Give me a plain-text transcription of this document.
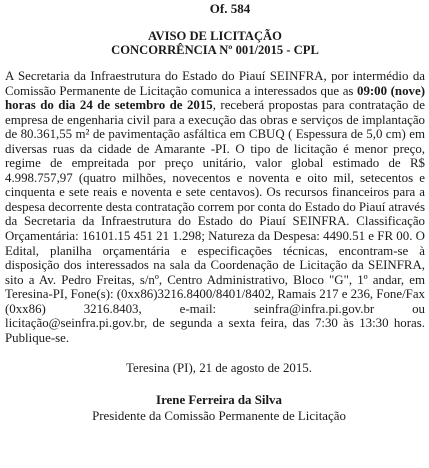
Of. 584

AVISO DE LICITAÇÃO

CONCORRÊNCIA Nº 001/2015 - CPL

A Secretaria da Infraestrutura do Estado do Piauí SEINFRA, por intermédio da Comissão Permanente de Licitação comunica a interessados que as 09:00 (nove) horas do dia 24 de setembro de 2015, receberá propostas para contratação de empresa de engenharia civil para a execução das obras e serviços de implantação de 80.361,55 m² de pavimentação asfáltica em CBUQ ( Espessura de 5,0 cm) em diversas ruas da cidade de Amarante -PI. O tipo de licitação é menor preço, regime de empreitada por preço unitário, valor global estimado de R$ 4.998.757,97 (quatro milhões, novecentos e noventa e oito mil, setecentos e cinquenta e sete reais e noventa e sete centavos). Os recursos financeiros para a despesa decorrente desta contratação correm por conta do Estado do Piauí através da Secretaria da Infraestrutura do Estado do Piauí SEINFRA. Classificação Orçamentária: 16101.15 451 21 1.298; Natureza da Despesa: 4490.51 e FR 00. O Edital, planilha orçamentária e especificações técnicas, encontram-se à disposição dos interessados na sala da Coordenação de Licitação da SEINFRA, sito a Av. Pedro Freitas, s/nº, Centro Administrativo, Bloco "G", 1º andar, em Teresina-PI, Fone(s): (0xx86)3216.8400/8401/8402, Ramais 217 e 236, Fone/Fax (0xx86) 3216.8403, e-mail: seinfra@infra.pi.gov.br ou licitação@seinfra.pi.gov.br, de segunda a sexta feira, das 7:30 às 13:30 horas. Publique-se.

Teresina (PI), 21 de agosto de 2015.

Irene Ferreira da Silva

Presidente da Comissão Permanente de Licitação
